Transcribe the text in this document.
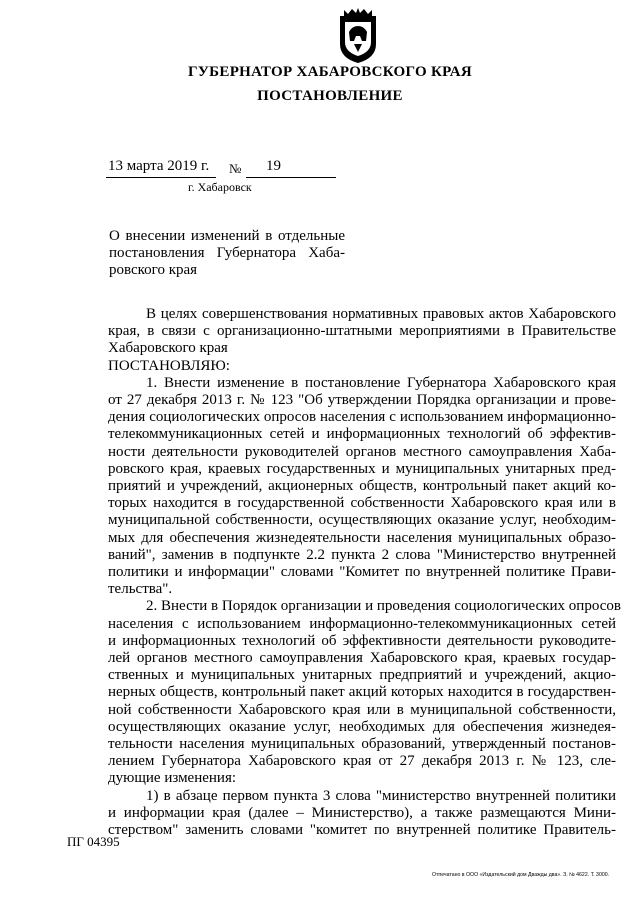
ГУБЕРНАТОР ХАБАРОВСКОГО КРАЯ
ПОСТАНОВЛЕНИЕ
13 марта 2019 г. № 19
г. Хабаровск
О внесении изменений в отдельные
постановления Губернатора Хаба-
ровского края
В целях совершенствования нормативных правовых актов Хабаровского
края, в связи с организационно-штатными мероприятиями в Правительстве
Хабаровского края
ПОСТАНОВЛЯЮ:
1. Внести изменение в постановление Губернатора Хабаровского края
от 27 декабря 2013 г. № 123 "Об утверждении Порядка организации и прове-
дения социологических опросов населения с использованием информационно-
телекоммуникационных сетей и информационных технологий об эффектив-
ности деятельности руководителей органов местного самоуправления Хаба-
ровского края, краевых государственных и муниципальных унитарных пред-
приятий и учреждений, акционерных обществ, контрольный пакет акций ко-
торых находится в государственной собственности Хабаровского края или в
муниципальной собственности, осуществляющих оказание услуг, необходим-
мых для обеспечения жизнедеятельности населения муниципальных образо-
ваний", заменив в подпункте 2.2 пункта 2 слова "Министерство внутренней
политики и информации" словами "Комитет по внутренней политике Прави-
тельства".
2. Внести в Порядок организации и проведения социологических опросов
населения с использованием информационно-телекоммуникационных сетей
и информационных технологий об эффективности деятельности руководите-
лей органов местного самоуправления Хабаровского края, краевых государ-
ственных и муниципальных унитарных предприятий и учреждений, акцио-
нерных обществ, контрольный пакет акций которых находится в государствен-
ной собственности Хабаровского края или в муниципальной собственности,
осуществляющих оказание услуг, необходимых для обеспечения жизнедея-
тельности населения муниципальных образований, утвержденный постанов-
лением Губернатора Хабаровского края от 27 декабря 2013 г. № 123, сле-
дующие изменения:
1) в абзаце первом пункта 3 слова "министерство внутренней политики
и информации края (далее – Министерство), а также размещаются Мини-
стерством" заменить словами "комитет по внутренней политике Правитель-
ПГ 04395
Отпечатано в ООО «Издательский дом Дважды два». З. № 4622. Т. 3000.
